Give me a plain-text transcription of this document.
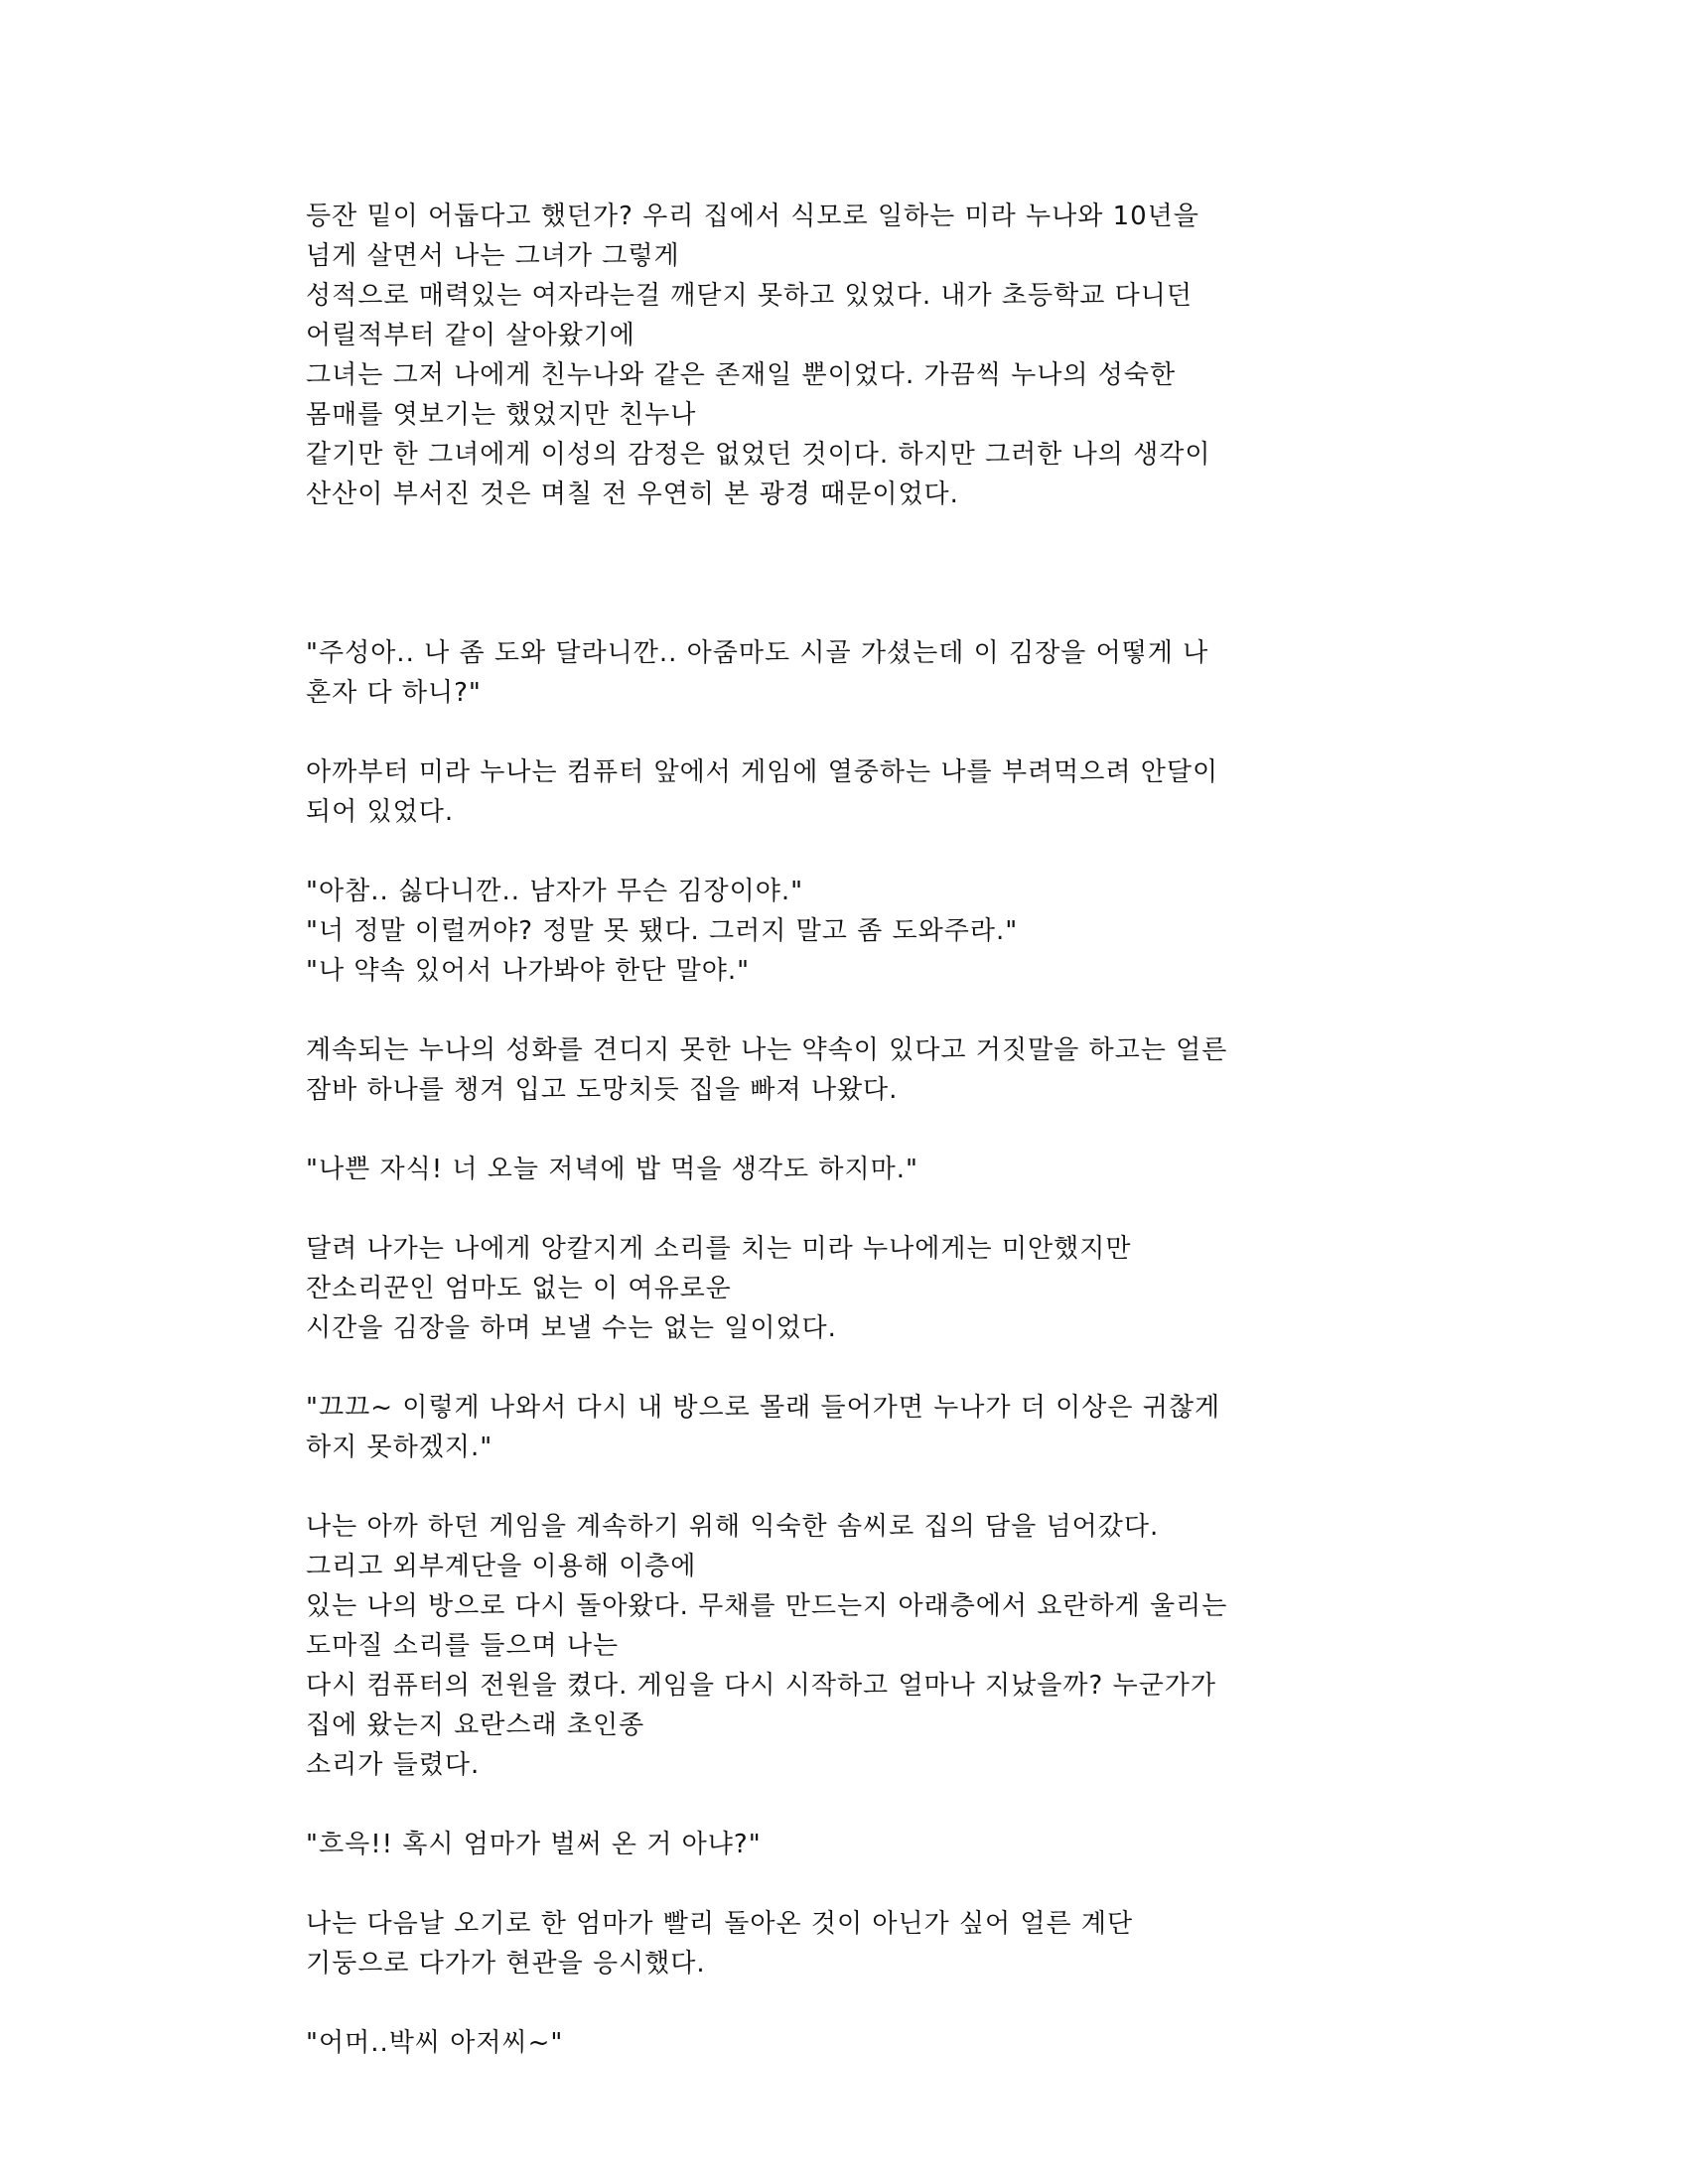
등잔 밑이 어둡다고 했던가? 우리 집에서 식모로 일하는 미라 누나와 10년을
넘게 살면서 나는 그녀가 그렇게
성적으로 매력있는 여자라는걸 깨닫지 못하고 있었다. 내가 초등학교 다니던
어릴적부터 같이 살아왔기에
그녀는 그저 나에게 친누나와 같은 존재일 뿐이었다. 가끔씩 누나의 성숙한
몸매를 엿보기는 했었지만 친누나
같기만 한 그녀에게 이성의 감정은 없었던 것이다. 하지만 그러한 나의 생각이
산산이 부서진 것은 며칠 전 우연히 본 광경 때문이었다.
"주성아.. 나 좀 도와 달라니깐.. 아줌마도 시골 가셨는데 이 김장을 어떻게 나
혼자 다 하니?"
아까부터 미라 누나는 컴퓨터 앞에서 게임에 열중하는 나를 부려먹으려 안달이
되어 있었다.
"아참.. 싫다니깐.. 남자가 무슨 김장이야."
"너 정말 이럴꺼야? 정말 못 됐다. 그러지 말고 좀 도와주라."
"나 약속 있어서 나가봐야 한단 말야."
계속되는 누나의 성화를 견디지 못한 나는 약속이 있다고 거짓말을 하고는 얼른
잠바 하나를 챙겨 입고 도망치듯 집을 빠져 나왔다.
"나쁜 자식! 너 오늘 저녁에 밥 먹을 생각도 하지마."
달려 나가는 나에게 앙칼지게 소리를 치는 미라 누나에게는 미안했지만
잔소리꾼인 엄마도 없는 이 여유로운
시간을 김장을 하며 보낼 수는 없는 일이었다.
"끄끄~ 이렇게 나와서 다시 내 방으로 몰래 들어가면 누나가 더 이상은 귀찮게
하지 못하겠지."
나는 아까 하던 게임을 계속하기 위해 익숙한 솜씨로 집의 담을 넘어갔다.
그리고 외부계단을 이용해 이층에
있는 나의 방으로 다시 돌아왔다. 무채를 만드는지 아래층에서 요란하게 울리는
도마질 소리를 들으며 나는
다시 컴퓨터의 전원을 켰다. 게임을 다시 시작하고 얼마나 지났을까? 누군가가
집에 왔는지 요란스래 초인종
소리가 들렸다.
"흐윽!! 혹시 엄마가 벌써 온 거 아냐?"
나는 다음날 오기로 한 엄마가 빨리 돌아온 것이 아닌가 싶어 얼른 계단
기둥으로 다가가 현관을 응시했다.
"어머..박씨 아저씨~"
